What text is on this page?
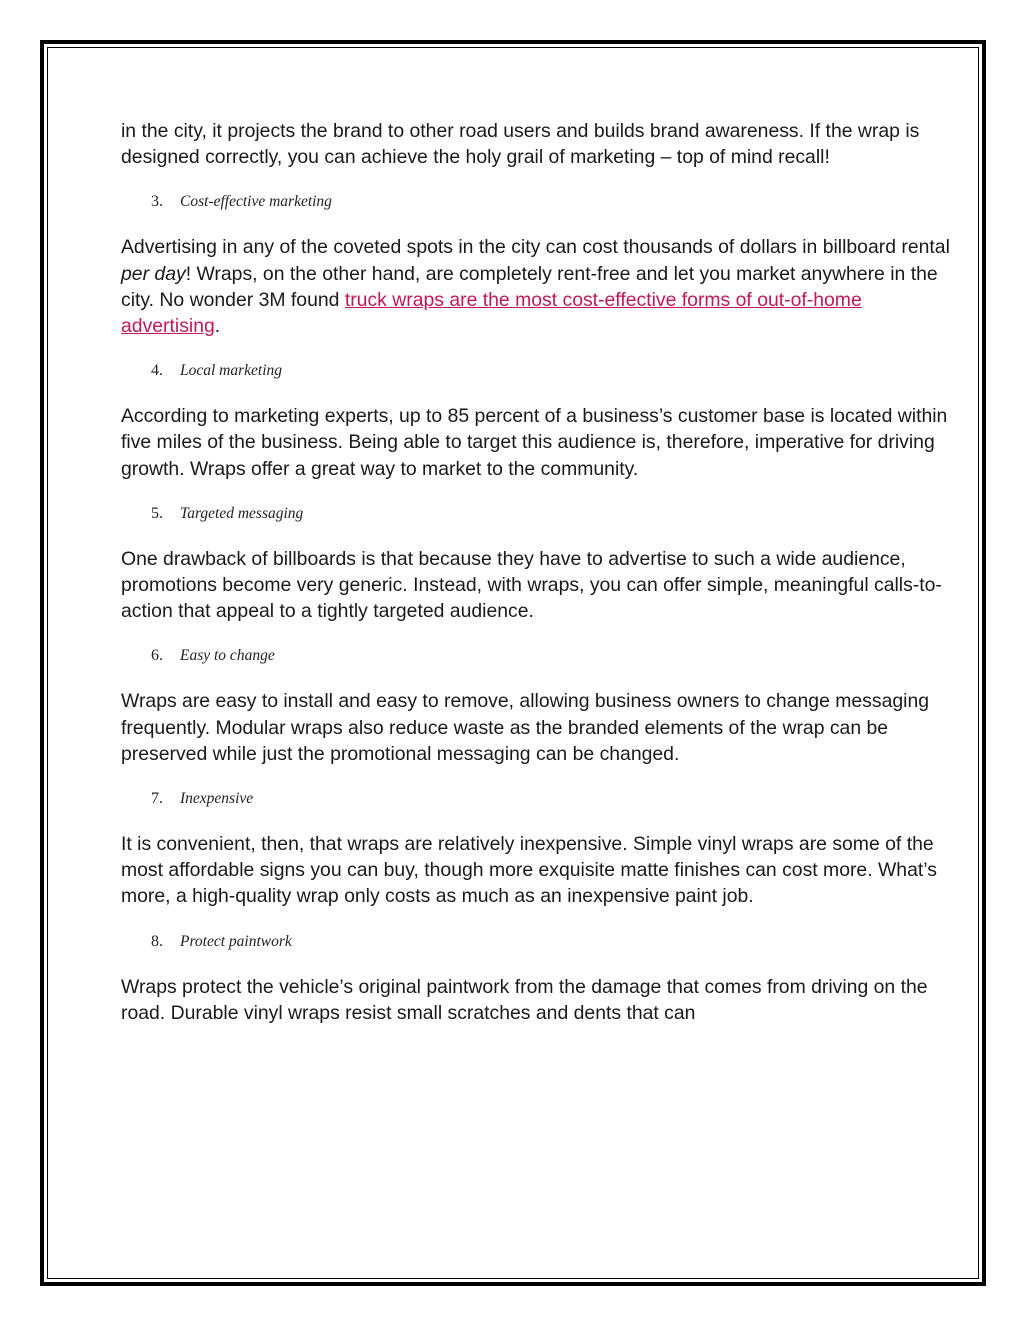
in the city, it projects the brand to other road users and builds brand awareness. If the wrap is designed correctly, you can achieve the holy grail of marketing – top of mind recall!

3. Cost-effective marketing

Advertising in any of the coveted spots in the city can cost thousands of dollars in billboard rental per day! Wraps, on the other hand, are completely rent-free and let you market anywhere in the city. No wonder 3M found truck wraps are the most cost-effective forms of out-of-home advertising.

4. Local marketing

According to marketing experts, up to 85 percent of a business’s customer base is located within five miles of the business. Being able to target this audience is, therefore, imperative for driving growth. Wraps offer a great way to market to the community.

5. Targeted messaging

One drawback of billboards is that because they have to advertise to such a wide audience, promotions become very generic. Instead, with wraps, you can offer simple, meaningful calls-to-action that appeal to a tightly targeted audience.

6. Easy to change

Wraps are easy to install and easy to remove, allowing business owners to change messaging frequently. Modular wraps also reduce waste as the branded elements of the wrap can be preserved while just the promotional messaging can be changed.

7. Inexpensive

It is convenient, then, that wraps are relatively inexpensive. Simple vinyl wraps are some of the most affordable signs you can buy, though more exquisite matte finishes can cost more. What’s more, a high-quality wrap only costs as much as an inexpensive paint job.

8. Protect paintwork

Wraps protect the vehicle’s original paintwork from the damage that comes from driving on the road. Durable vinyl wraps resist small scratches and dents that can
